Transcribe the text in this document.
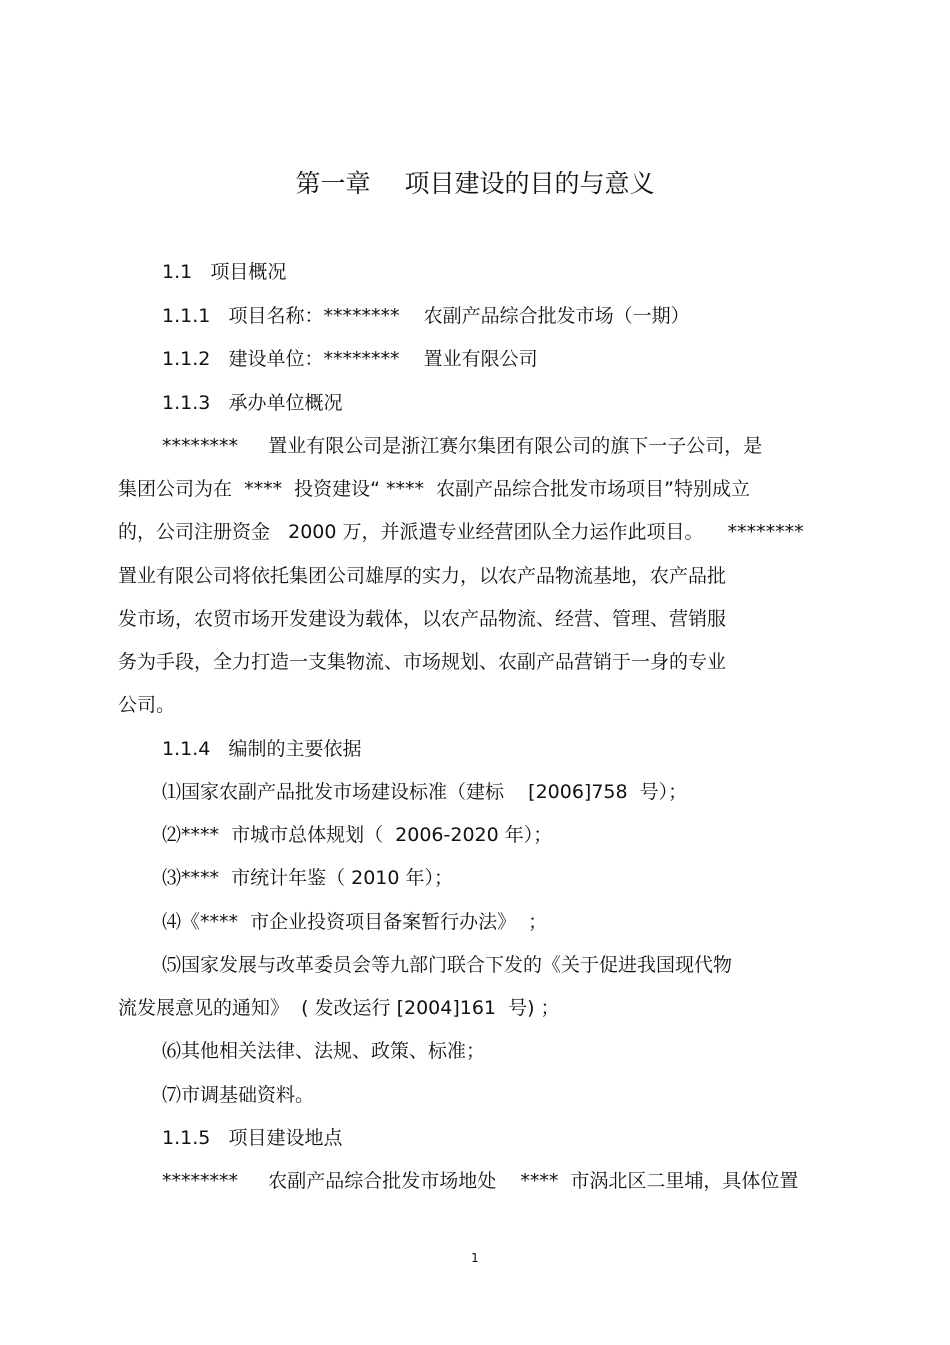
第一章 项目建设的目的与意义
1.1   项目概况
1.1.1   项目名称：********    农副产品综合批发市场（一期）
1.1.2   建设单位：********    置业有限公司
1.1.3   承办单位概况
********     置业有限公司是浙江赛尔集团有限公司的旗下一子公司，是
集团公司为在  ****  投资建设“ ****  农副产品综合批发市场项目”特别成立
的，公司注册资金   2000 万，并派遣专业经营团队全力运作此项目。    ********
置业有限公司将依托集团公司雄厚的实力，以农产品物流基地，农产品批
发市场，农贸市场开发建设为载体，以农产品物流、经营、管理、营销服
务为手段，全力打造一支集物流、市场规划、农副产品营销于一身的专业
公司。
1.1.4   编制的主要依据
⑴国家农副产品批发市场建设标准（建标    [2006]758  号）；
⑵****  市城市总体规划（  2006-2020 年）；
⑶****  市统计年鉴（ 2010 年）；
⑷《****  市企业投资项目备案暂行办法》  ；
⑸国家发展与改革委员会等九部门联合下发的《关于促进我国现代物
流发展意见的通知》  ( 发改运行 [2004]161  号) ；
⑹其他相关法律、法规、政策、标准；
⑺市调基础资料。
1.1.5   项目建设地点
********     农副产品综合批发市场地处    ****  市涡北区二里埔，具体位置
1
